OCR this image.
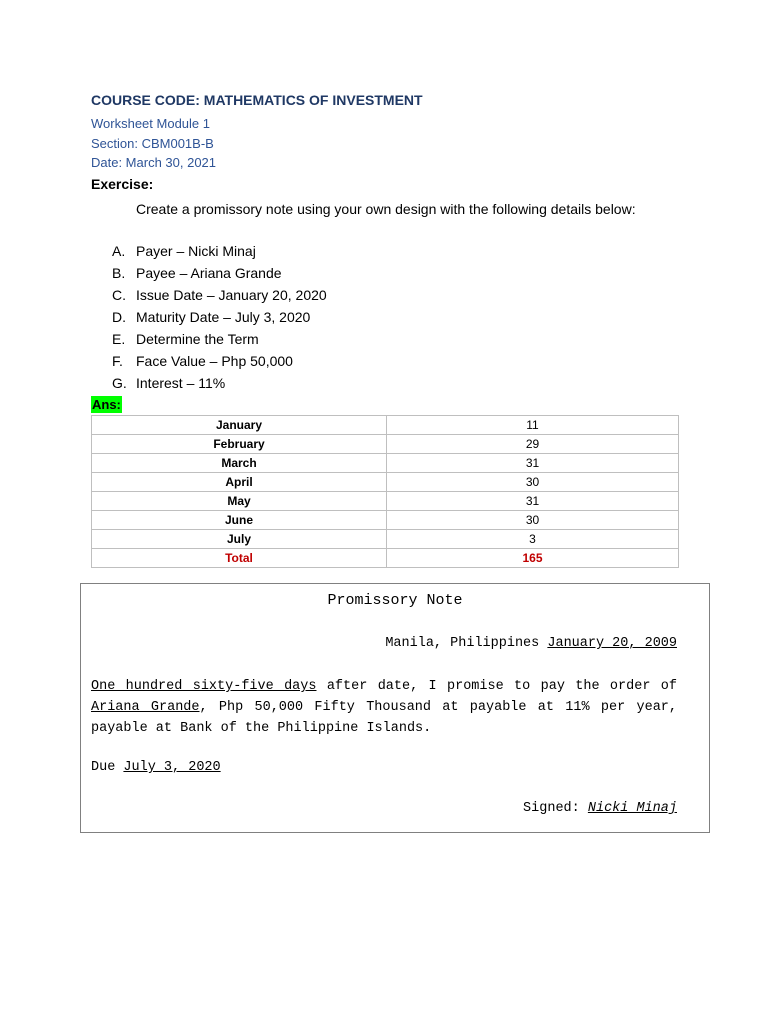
COURSE CODE: MATHEMATICS OF INVESTMENT
Worksheet Module 1
Section: CBM001B-B
Date: March 30, 2021
Exercise:
Create a promissory note using your own design with the following details below:
A. Payer – Nicki Minaj
B. Payee – Ariana Grande
C. Issue Date – January 20, 2020
D. Maturity Date – July 3, 2020
E. Determine the Term
F. Face Value – Php 50,000
G. Interest – 11%
Ans:
January	11
February	29
March	31
April	30
May	31
June	30
July	3
Total	165
Promissory Note
Manila, Philippines January 20, 2009
One hundred sixty-five days after date, I promise to pay the order of Ariana Grande, Php 50,000 Fifty Thousand at payable at 11% per year, payable at Bank of the Philippine Islands.
Due July 3, 2020
Signed: Nicki Minaj
